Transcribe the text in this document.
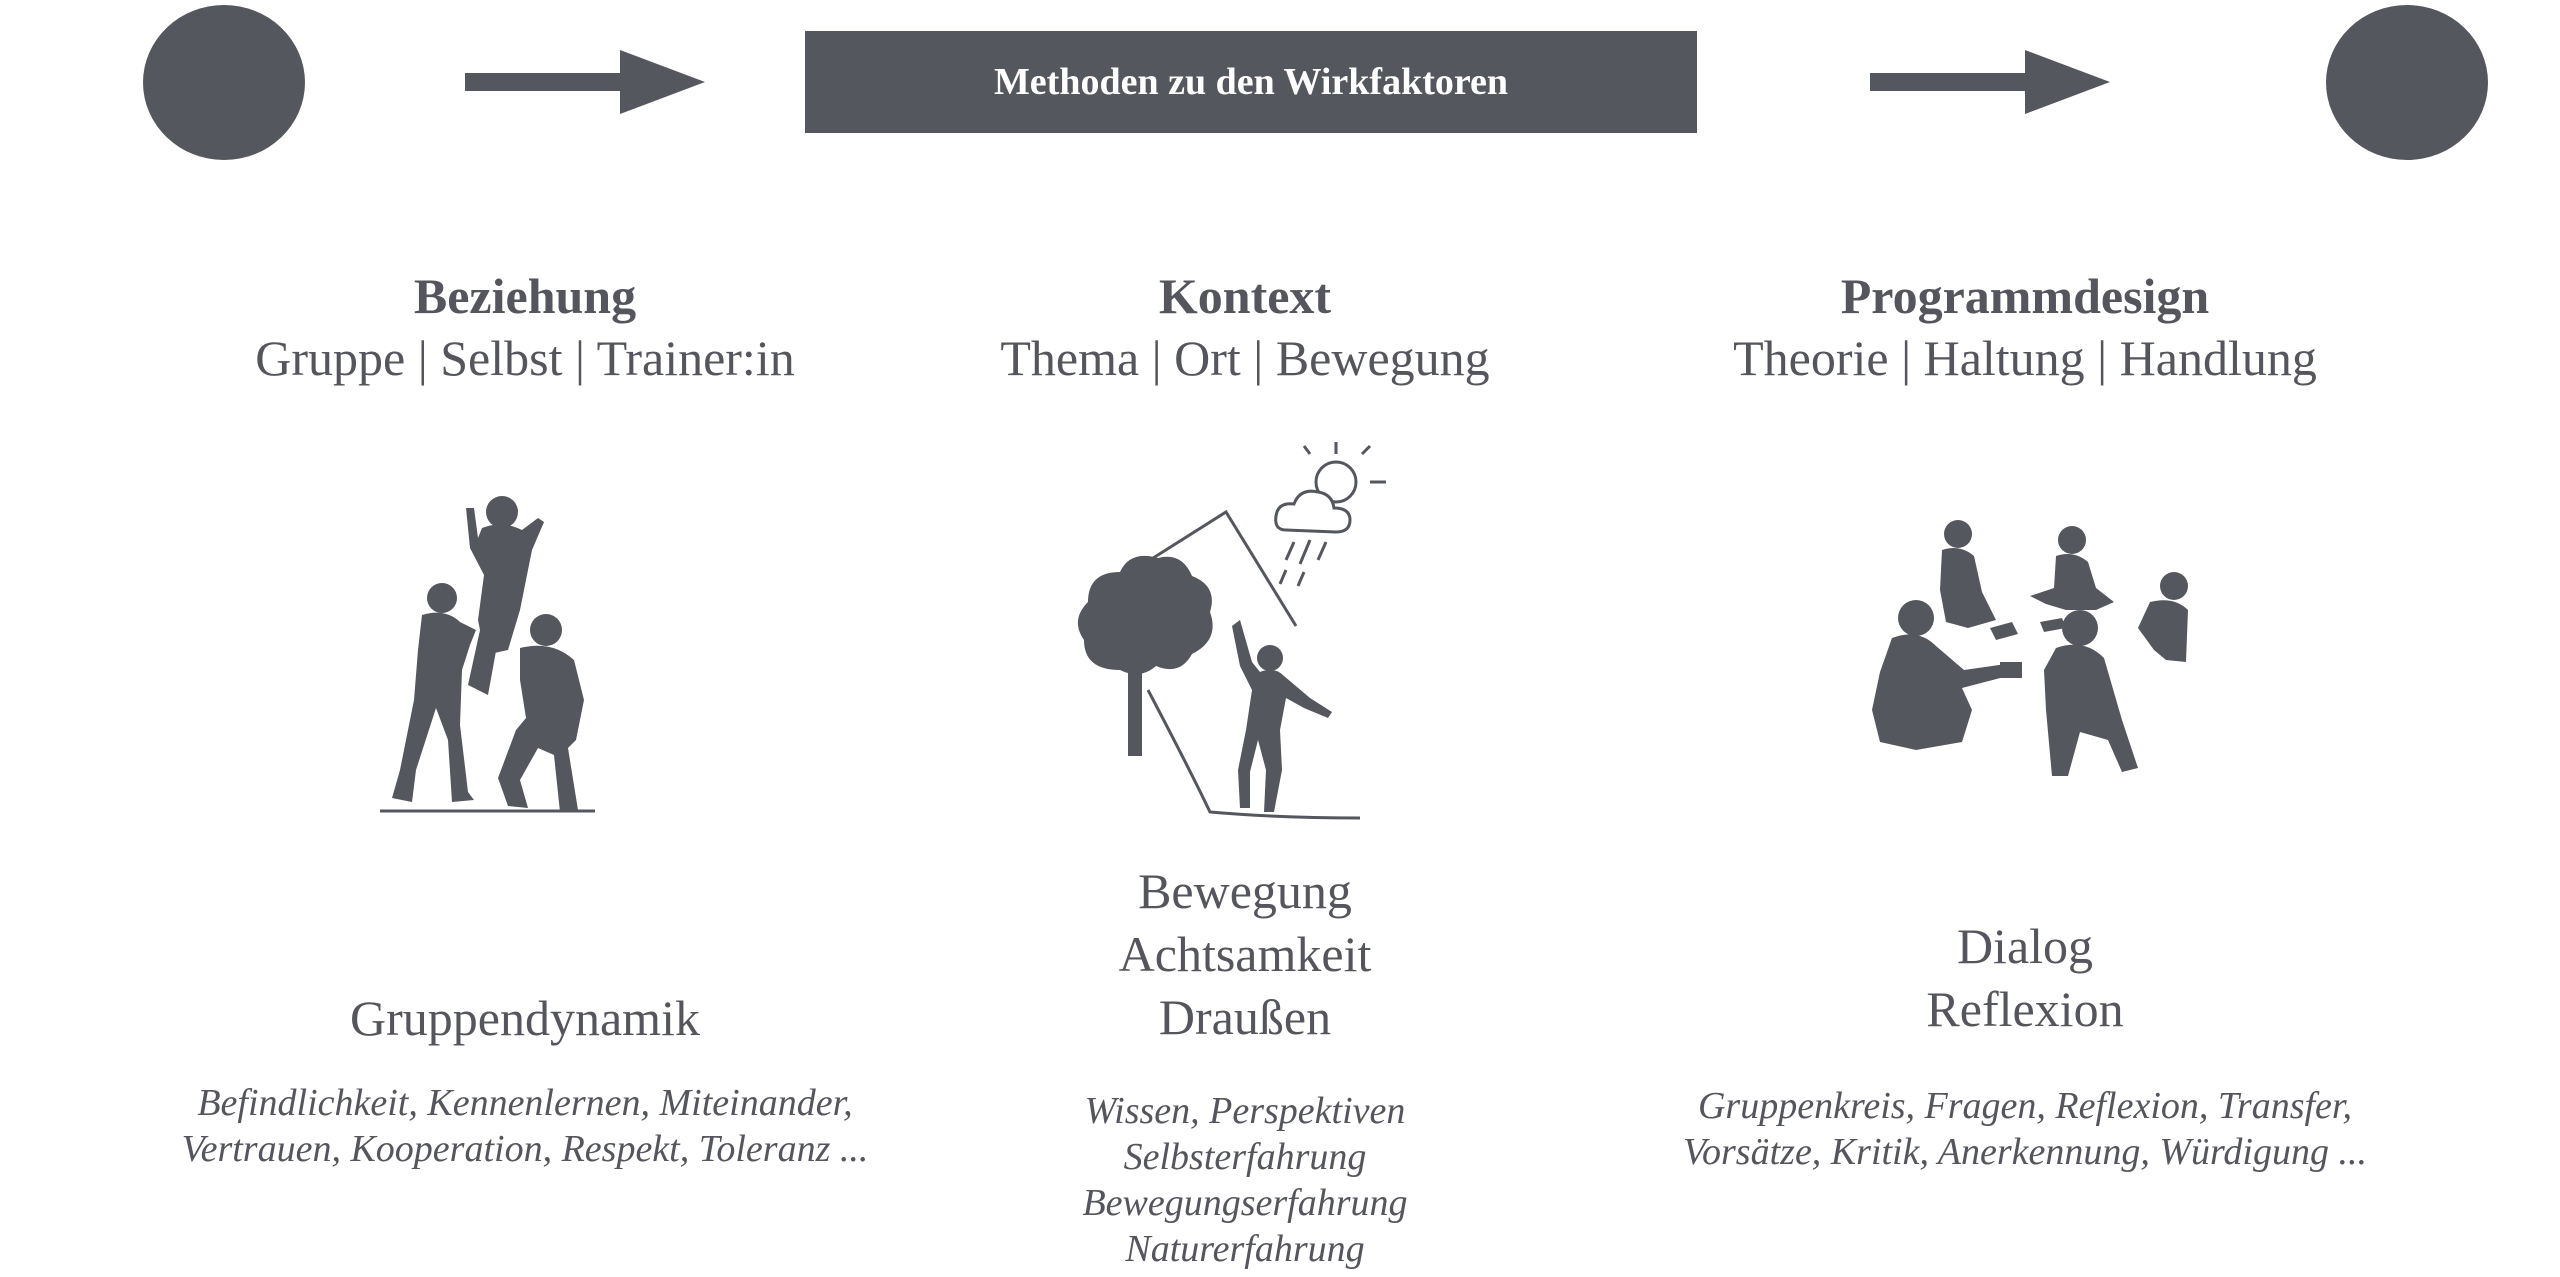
Methoden zu den Wirkfaktoren
Beziehung
Gruppe | Selbst | Trainer:in
Gruppendynamik
Befindlichkeit, Kennenlernen, Miteinander,
Vertrauen, Kooperation, Respekt, Toleranz ...
Kontext
Thema | Ort | Bewegung
Bewegung
Achtsamkeit
Draußen
Wissen, Perspektiven
Selbsterfahrung
Bewegungserfahrung
Naturerfahrung
Programmdesign
Theorie | Haltung | Handlung
Dialog
Reflexion
Gruppenkreis, Fragen, Reflexion, Transfer,
Vorsätze, Kritik, Anerkennung, Würdigung ...
